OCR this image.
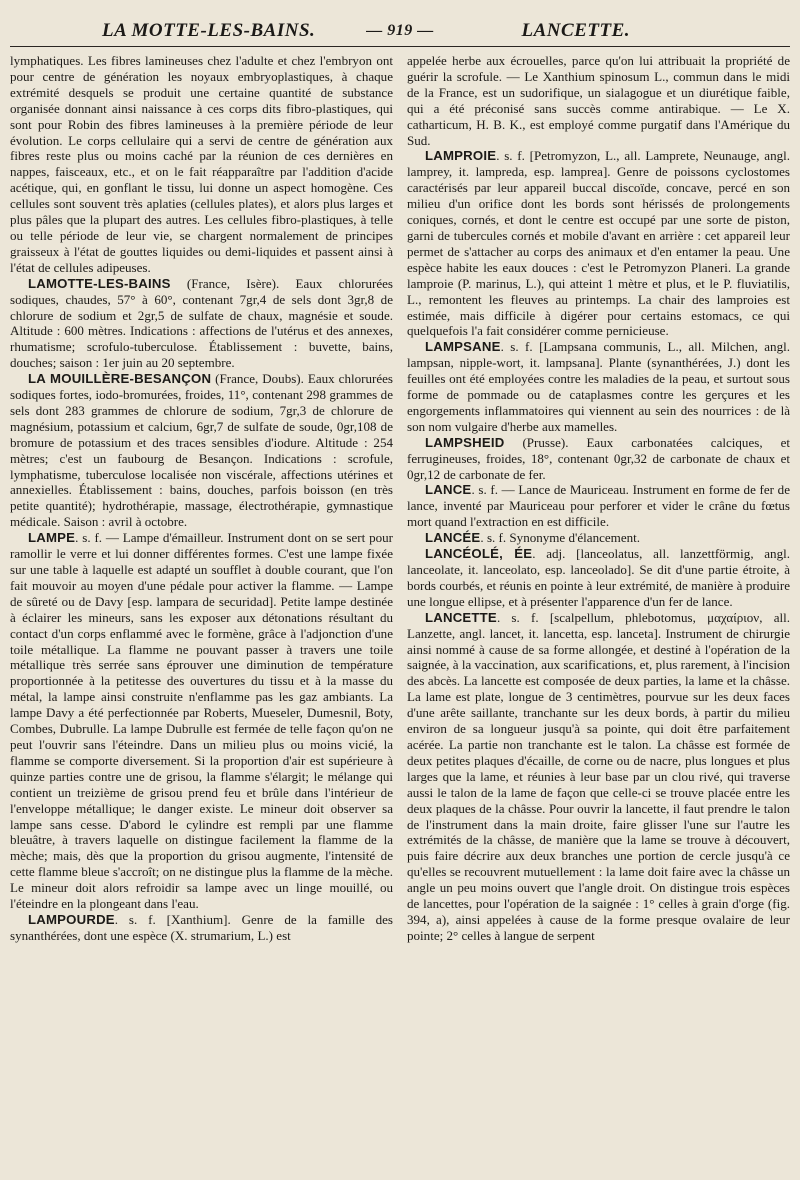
LA MOTTE-LES-BAINS.	— 919 —	LANCETTE.

lymphatiques. Les fibres lamineuses chez l'adulte et chez l'embryon ont pour centre de génération les noyaux embryoplastiques, à chaque extrémité desquels se produit une certaine quantité de substance organisée donnant ainsi naissance à ces corps dits fibro-plastiques, qui sont pour Robin des fibres lamineuses à la première période de leur évolution. Le corps cellulaire qui a servi de centre de génération aux fibres reste plus ou moins caché par la réunion de ces dernières en nappes, faisceaux, etc., et on le fait réapparaître par l'addition d'acide acétique, qui, en gonflant le tissu, lui donne un aspect homogène. Ces cellules sont souvent très aplaties (cellules plates), et alors plus larges et plus pâles que la plupart des autres. Les cellules fibro-plastiques, à telle ou telle période de leur vie, se chargent normalement de principes graisseux à l'état de gouttes liquides ou demi-liquides et passent ainsi à l'état de cellules adipeuses.

LAMOTTE-LES-BAINS (France, Isère). Eaux chlorurées sodiques, chaudes, 57° à 60°, contenant 7gr,4 de sels dont 3gr,8 de chlorure de sodium et 2gr,5 de sulfate de chaux, magnésie et soude. Altitude : 600 mètres. Indications : affections de l'utérus et des annexes, rhumatisme; scrofulo-tuberculose. Établissement : buvette, bains, douches; saison : 1er juin au 20 septembre.

LA MOUILLÈRE-BESANÇON (France, Doubs). Eaux chlorurées sodiques fortes, iodo-bromurées, froides, 11°, contenant 298 grammes de sels dont 283 grammes de chlorure de sodium, 7gr,3 de chlorure de magnésium, potassium et calcium, 6gr,7 de sulfate de soude, 0gr,108 de bromure de potassium et des traces sensibles d'iodure. Altitude : 254 mètres; c'est un faubourg de Besançon. Indications : scrofule, lymphatisme, tuberculose localisée non viscérale, affections utérines et annexielles. Établissement : bains, douches, parfois boisson (en très petite quantité); hydrothérapie, massage, électrothérapie, gymnastique médicale. Saison : avril à octobre.

LAMPE. s. f. — Lampe d'émailleur. Instrument dont on se sert pour ramollir le verre et lui donner différentes formes. C'est une lampe fixée sur une table à laquelle est adapté un soufflet à double courant, que l'on fait mouvoir au moyen d'une pédale pour activer la flamme. — Lampe de sûreté ou de Davy [esp. lampara de securidad]. Petite lampe destinée à éclairer les mineurs, sans les exposer aux détonations résultant du contact d'un corps enflammé avec le formène, grâce à l'adjonction d'une toile métallique. La flamme ne pouvant passer à travers une toile métallique très serrée sans éprouver une diminution de température proportionnée à la petitesse des ouvertures du tissu et à la masse du métal, la lampe ainsi construite n'enflamme pas les gaz ambiants. La lampe Davy a été perfectionnée par Roberts, Mueseler, Dumesnil, Boty, Combes, Dubrulle. La lampe Dubrulle est fermée de telle façon qu'on ne peut l'ouvrir sans l'éteindre. Dans un milieu plus ou moins vicié, la flamme se comporte diversement. Si la proportion d'air est supérieure à quinze parties contre une de grisou, la flamme s'élargit; le mélange qui contient un treizième de grisou prend feu et brûle dans l'intérieur de l'enveloppe métallique; le danger existe. Le mineur doit observer sa lampe sans cesse. D'abord le cylindre est rempli par une flamme bleuâtre, à travers laquelle on distingue facilement la flamme de la mèche; mais, dès que la proportion du grisou augmente, l'intensité de cette flamme bleue s'accroît; on ne distingue plus la flamme de la mèche. Le mineur doit alors refroidir sa lampe avec un linge mouillé, ou l'éteindre en la plongeant dans l'eau.

LAMPOURDE. s. f. [Xanthium]. Genre de la famille des synanthérées, dont une espèce (X. strumarium, L.) est

appelée herbe aux écrouelles, parce qu'on lui attribuait la propriété de guérir la scrofule. — Le Xanthium spinosum L., commun dans le midi de la France, est un sudorifique, un sialagogue et un diurétique faible, qui a été préconisé sans succès comme antirabique. — Le X. catharticum, H. B. K., est employé comme purgatif dans l'Amérique du Sud.

LAMPROIE. s. f. [Petromyzon, L., all. Lamprete, Neunauge, angl. lamprey, it. lampreda, esp. lamprea]. Genre de poissons cyclostomes caractérisés par leur appareil buccal discoïde, concave, percé en son milieu d'un orifice dont les bords sont hérissés de prolongements coniques, cornés, et dont le centre est occupé par une sorte de piston, garni de tubercules cornés et mobile d'avant en arrière : cet appareil leur permet de s'attacher au corps des animaux et d'en entamer la peau. Une espèce habite les eaux douces : c'est le Petromyzon Planeri. La grande lamproie (P. marinus, L.), qui atteint 1 mètre et plus, et le P. fluviatilis, L., remontent les fleuves au printemps. La chair des lamproies est estimée, mais difficile à digérer pour certains estomacs, ce qui quelquefois l'a fait considérer comme pernicieuse.

LAMPSANE. s. f. [Lampsana communis, L., all. Milchen, angl. lampsan, nipple-wort, it. lampsana]. Plante (synanthérées, J.) dont les feuilles ont été employées contre les maladies de la peau, et surtout sous forme de pommade ou de cataplasmes contre les gerçures et les engorgements inflammatoires qui viennent au sein des nourrices : de là son nom vulgaire d'herbe aux mamelles.

LAMPSHEID (Prusse). Eaux carbonatées calciques, et ferrugineuses, froides, 18°, contenant 0gr,32 de carbonate de chaux et 0gr,12 de carbonate de fer.

LANCE. s. f. — Lance de Mauriceau. Instrument en forme de fer de lance, inventé par Mauriceau pour perforer et vider le crâne du fœtus mort quand l'extraction en est difficile.

LANCÉE. s. f. Synonyme d'élancement.

LANCÉOLÉ, ÉE. adj. [lanceolatus, all. lanzettförmig, angl. lanceolate, it. lanceolato, esp. lanceolado]. Se dit d'une partie étroite, à bords courbés, et réunis en pointe à leur extrémité, de manière à produire une longue ellipse, et à présenter l'apparence d'un fer de lance.

LANCETTE. s. f. [scalpellum, phlebotomus, μαχαίριον, all. Lanzette, angl. lancet, it. lancetta, esp. lanceta]. Instrument de chirurgie ainsi nommé à cause de sa forme allongée, et destiné à l'opération de la saignée, à la vaccination, aux scarifications, et, plus rarement, à l'incision des abcès. La lancette est composée de deux parties, la lame et la châsse. La lame est plate, longue de 3 centimètres, pourvue sur les deux faces d'une arête saillante, tranchante sur les deux bords, à partir du milieu environ de sa longueur jusqu'à sa pointe, qui doit être parfaitement acérée. La partie non tranchante est le talon. La châsse est formée de deux petites plaques d'écaille, de corne ou de nacre, plus longues et plus larges que la lame, et réunies à leur base par un clou rivé, qui traverse aussi le talon de la lame de façon que celle-ci se trouve placée entre les deux plaques de la châsse. Pour ouvrir la lancette, il faut prendre le talon de l'instrument dans la main droite, faire glisser l'une sur l'autre les extrémités de la châsse, de manière que la lame se trouve à découvert, puis faire décrire aux deux branches une portion de cercle jusqu'à ce qu'elles se recouvrent mutuellement : la lame doit faire avec la châsse un angle un peu moins ouvert que l'angle droit. On distingue trois espèces de lancettes, pour l'opération de la saignée : 1° celles à grain d'orge (fig. 394, a), ainsi appelées à cause de la forme presque ovalaire de leur pointe; 2° celles à langue de serpent
